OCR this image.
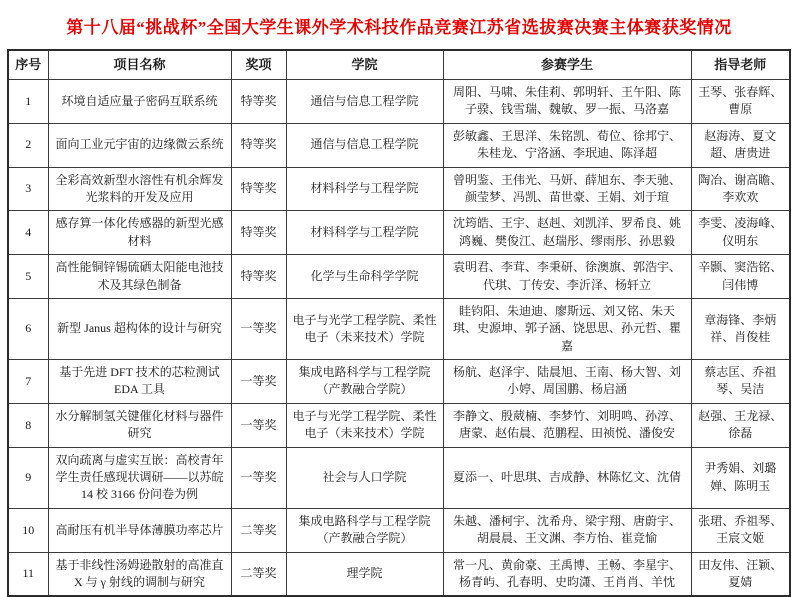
第十八届“挑战杯”全国大学生课外学术科技作品竞赛江苏省选拔赛决赛主体赛获奖情况
序号	项目名称	奖项	学院	参赛学生	指导老师
1	环境自适应量子密码互联系统	特等奖	通信与信息工程学院	周阳、马啸、朱佳莉、郭明轩、王午阳、陈子骙、钱雪瑞、魏敏、罗一振、马洛嘉	王琴、张春辉、曹原
2	面向工业元宇宙的边缘微云系统	特等奖	通信与信息工程学院	彭敏鑫、王思洋、朱铭凯、荀位、徐邦宁、朱桂龙、宁洛涵、李珉迪、陈泽超	赵海涛、夏文超、唐贵进
3	全彩高效新型水溶性有机余辉发光浆料的开发及应用	特等奖	材料科学与工程学院	曾明鉴、王伟光、马妍、薛旭东、李天驰、颜莹梦、冯凯、苗世豪、王娟、刘于瑄	陶冶、谢高瞻、李欢欢
4	感存算一体化传感器的新型光感材料	特等奖	材料科学与工程学院	沈筠皓、王宇、赵赳、刘凯洋、罗希良、姚鸿巍、樊俊江、赵瑞彤、缪雨彤、孙思毅	李雯、凌海峰、仪明东
5	高性能铜锌锡硫硒太阳能电池技术及其绿色制备	特等奖	化学与生命科学学院	袁明君、李茸、李秉研、徐澳旗、郭浩宇、代琪、丁传安、李沂泽、杨轩立	辛颢、窦浩铭、闫伟博
6	新型 Janus 超构体的设计与研究	一等奖	电子与光学工程学院、柔性电子（未来技术）学院	眭钧阳、朱迪迪、廖斯远、刘又铭、朱天琪、史源坤、郭子涵、饶思思、孙元哲、瞿嘉	章海锋、李炳祥、肖俊桂
7	基于先进 DFT 技术的芯粒测试 EDA 工具	一等奖	集成电路科学与工程学院（产教融合学院）	杨航、赵泽宇、陆晨旭、王南、杨大智、刘小婷、周国鹏、杨启涵	蔡志匡、乔祖琴、吴洁
8	水分解制氢关键催化材料与器件研究	一等奖	电子与光学工程学院、柔性电子（未来技术）学院	李静文、殷葳楠、李梦竹、刘明鸣、孙淳、唐蒙、赵佑晨、范鹏程、田祯悦、潘俊安	赵强、王龙禄、徐磊
9	双向疏离与虚实互嵌：高校青年学生责任感现状调研——以苏皖 14 校 3166 份问卷为例	一等奖	社会与人口学院	夏添一、叶思琪、吉成静、林陈忆文、沈倩	尹秀娟、刘璐婵、陈明玉
10	高耐压有机半导体薄膜功率芯片	二等奖	集成电路科学与工程学院（产教融合学院）	朱越、潘柯宇、沈希舟、梁宇翔、唐蔚宇、胡晨晨、王文渊、李方怡、崔竞愉	张珺、乔祖琴、王宸文姬
11	基于非线性汤姆逊散射的高准直 X 与 γ 射线的调制与研究	二等奖	理学院	常一凡、黄俞豪、王禹博、王畅、李星宇、杨青屿、孔春明、史昀潇、王肖肖、羊忱	田友伟、汪颖、夏婧
